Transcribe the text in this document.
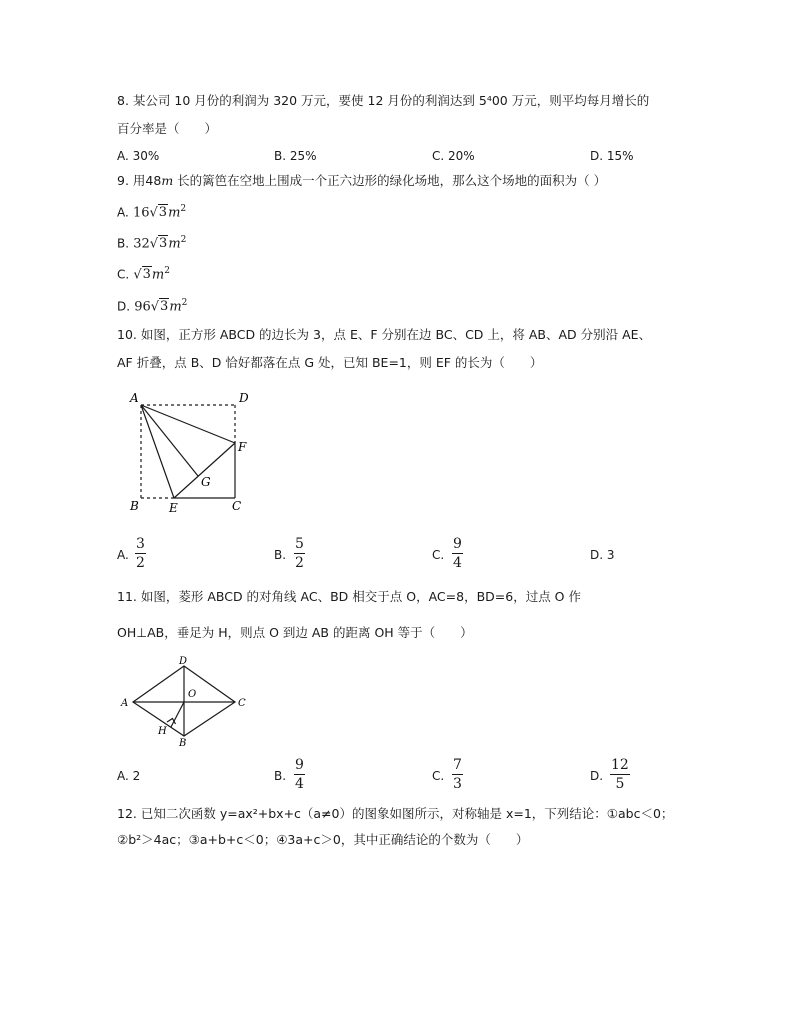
8. 某公司 10 月份的利润为 320 万元，要使 12 月份的利润达到 5⁴00 万元，则平均每月增长的
百分率是（　　）
A. 30%	B. 25%	C. 20%	D. 15%
9. 用48m 长的篱笆在空地上围成一个正六边形的绿化场地，那么这个场地的面积为（ ）
A. $16√3m^2$
B. $32√3m^2$
C. $√3m^2$
D. $96√3m^2$
10. 如图，正方形 ABCD 的边长为 3，点 E、F 分别在边 BC、CD 上，将 AB、AD 分别沿 AE、
AF 折叠，点 B、D 恰好都落在点 G 处，已知 BE=1，则 EF 的长为（　　）
A	D
F
G
B	E	C
A. $\frac{3}{2}$	B. $\frac{5}{2}$	C. $\frac{9}{4}$	D. 3
11. 如图，菱形 ABCD 的对角线 AC、BD 相交于点 O，AC=8，BD=6，过点 O 作
OH⊥AB，垂足为 H，则点 O 到边 AB 的距离 OH 等于（　　）
A	C
D
O
H
B
A. 2	B. $\frac{9}{4}$	C. $\frac{7}{3}$	D. $\frac{12}{5}$
12. 已知二次函数 y=ax²+bx+c（a≠0）的图象如图所示，对称轴是 x=1，下列结论：①abc＜0；
②b²＞4ac；③a+b+c＜0；④3a+c＞0，其中正确结论的个数为（　　）
